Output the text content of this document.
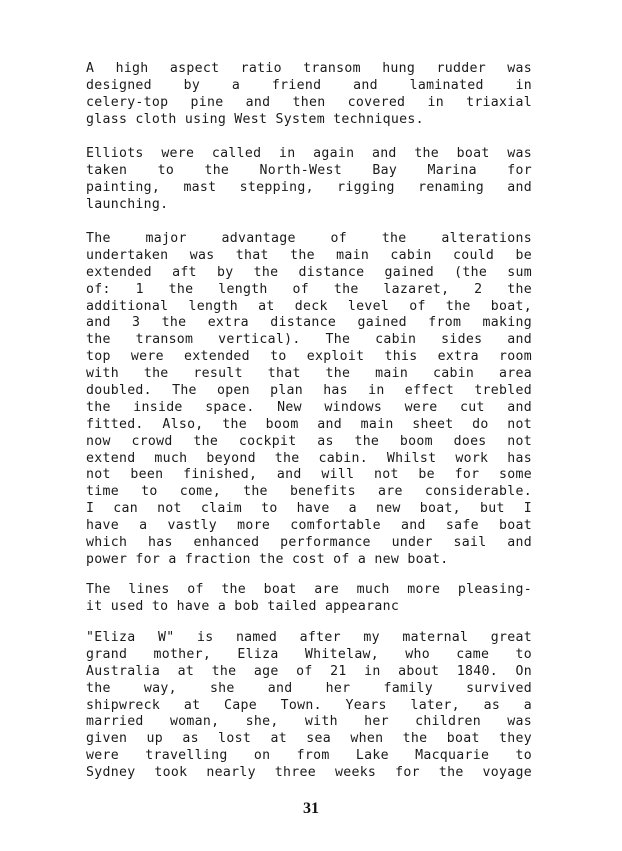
A high aspect ratio transom hung rudder was
designed by a friend and laminated in
celery-top pine and then covered in triaxial
glass cloth using West System techniques.
Elliots were called in again and the boat was
taken to the North-West Bay Marina for
painting, mast stepping, rigging renaming and
launching.
The major advantage of the alterations
undertaken was that the main cabin could be
extended aft by the distance gained (the sum
of: 1 the length of the lazaret, 2 the
additional length at deck level of the boat,
and 3 the extra distance gained from making
the transom vertical). The cabin sides and
top were extended to exploit this extra room
with the result that the main cabin area
doubled. The open plan has in effect trebled
the inside space. New windows were cut and
fitted. Also, the boom and main sheet do not
now crowd the cockpit as the boom does not
extend much beyond the cabin. Whilst work has
not been finished, and will not be for some
time to come, the benefits are considerable.
I can not claim to have a new boat, but I
have a vastly more comfortable and safe boat
which has enhanced performance under sail and
power for a fraction the cost of a new boat.
The lines of the boat are much more pleasing-
it used to have a bob tailed appearanc
"Eliza W" is named after my maternal great
grand mother, Eliza Whitelaw, who came to
Australia at the age of 21 in about 1840. On
the way, she and her family survived
shipwreck at Cape Town. Years later, as a
married woman, she, with her children was
given up as lost at sea when the boat they
were travelling on from Lake Macquarie to
Sydney took nearly three weeks for the voyage
31
